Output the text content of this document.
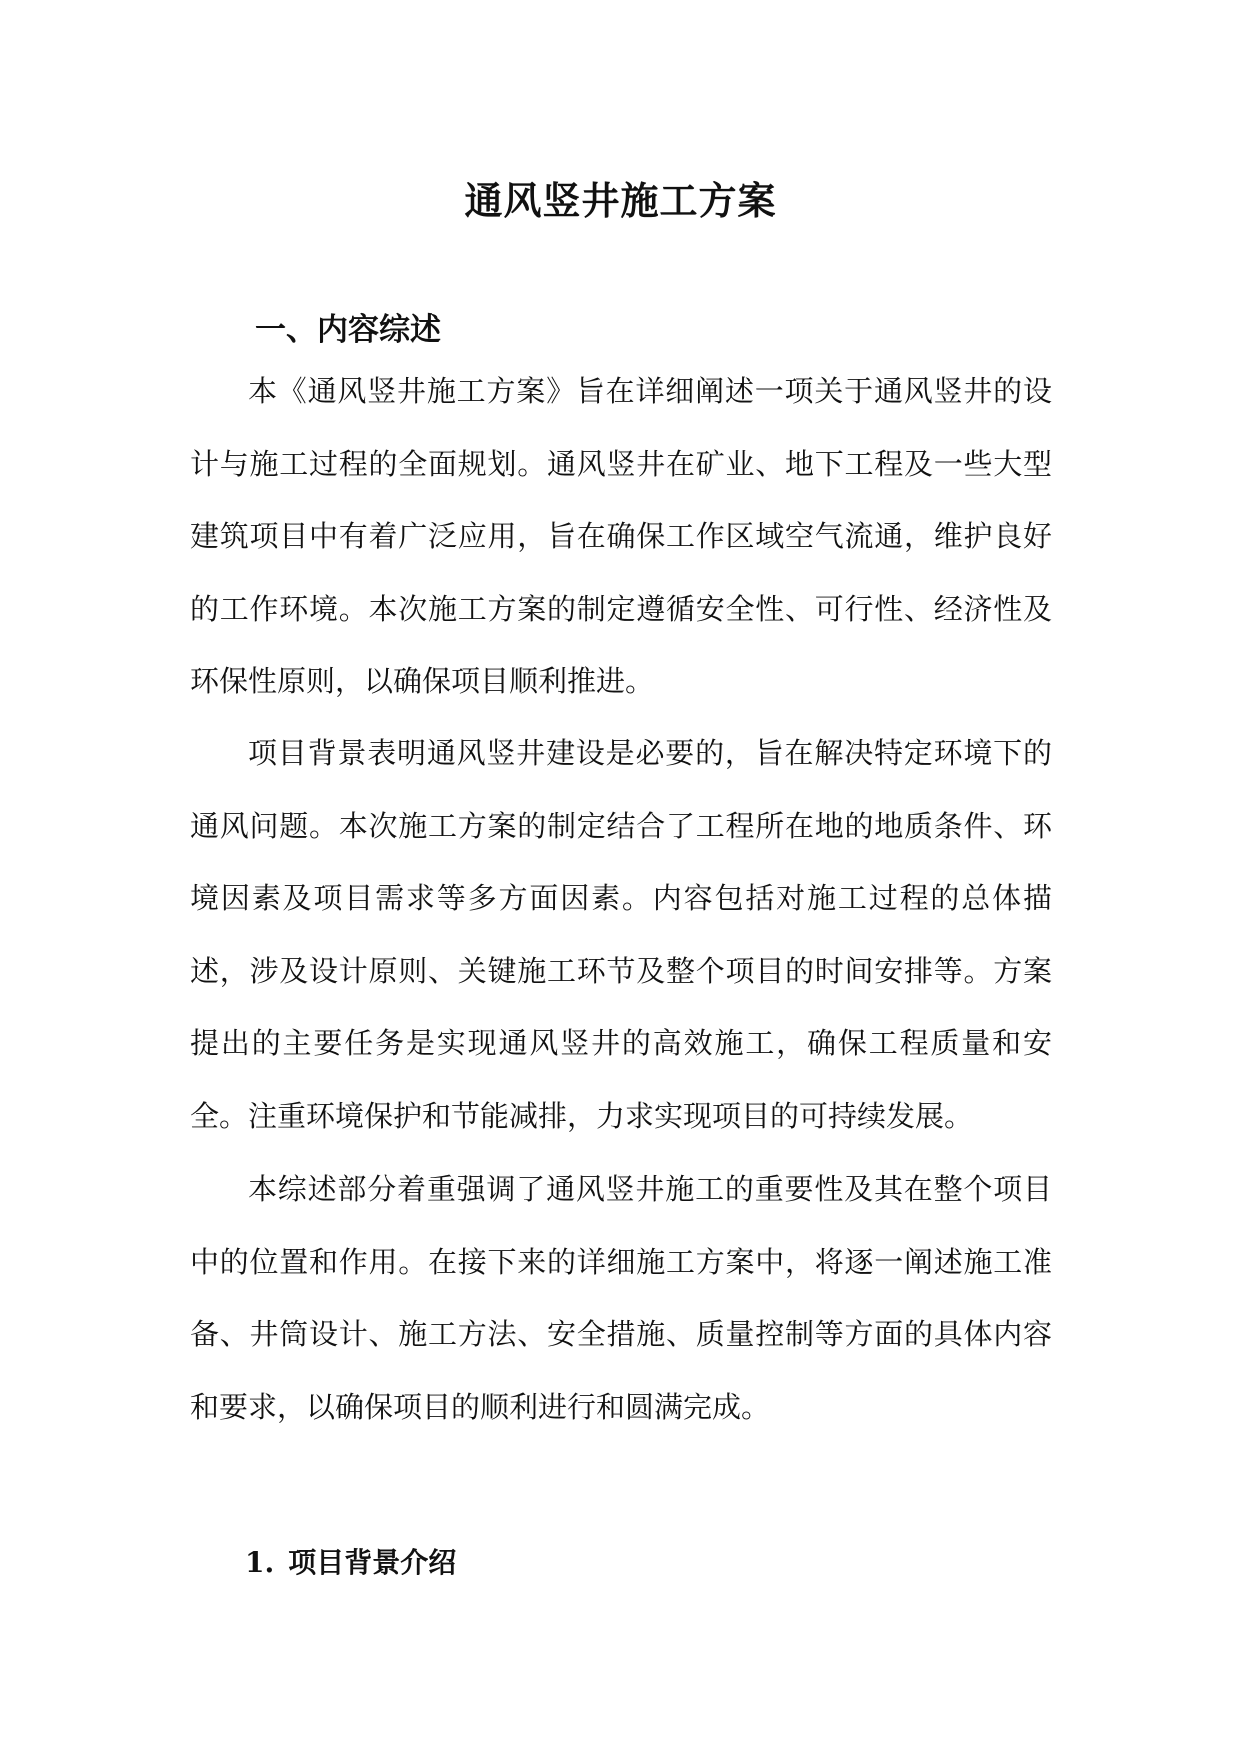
通风竖井施工方案
一、内容综述

本《通风竖井施工方案》旨在详细阐述一项关于通风竖井的设计与施工过程的全面规划。通风竖井在矿业、地下工程及一些大型建筑项目中有着广泛应用，旨在确保工作区域空气流通，维护良好的工作环境。本次施工方案的制定遵循安全性、可行性、经济性及环保性原则，以确保项目顺利推进。

项目背景表明通风竖井建设是必要的，旨在解决特定环境下的通风问题。本次施工方案的制定结合了工程所在地的地质条件、环境因素及项目需求等多方面因素。内容包括对施工过程的总体描述，涉及设计原则、关键施工环节及整个项目的时间安排等。方案提出的主要任务是实现通风竖井的高效施工，确保工程质量和安全。注重环境保护和节能减排，力求实现项目的可持续发展。

本综述部分着重强调了通风竖井施工的重要性及其在整个项目中的位置和作用。在接下来的详细施工方案中，将逐一阐述施工准备、井筒设计、施工方法、安全措施、质量控制等方面的具体内容和要求，以确保项目的顺利进行和圆满完成。

1. 项目背景介绍
